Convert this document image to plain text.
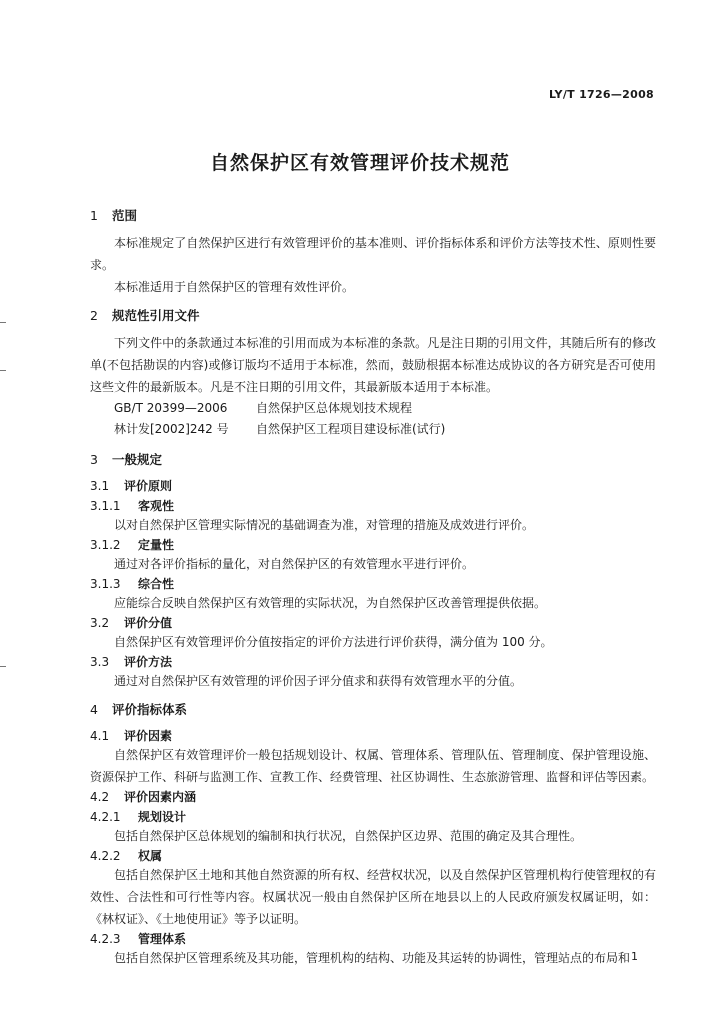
LY/T 1726—2008
自然保护区有效管理评价技术规范

1 范围

本标准规定了自然保护区进行有效管理评价的基本准则、评价指标体系和评价方法等技术性、原则性要求。

本标准适用于自然保护区的管理有效性评价。

2 规范性引用文件

下列文件中的条款通过本标准的引用而成为本标准的条款。凡是注日期的引用文件，其随后所有的修改单(不包括勘误的内容)或修订版均不适用于本标准，然而，鼓励根据本标准达成协议的各方研究是否可使用这些文件的最新版本。凡是不注日期的引用文件，其最新版本适用于本标准。

GB/T 20399—2006 自然保护区总体规划技术规程

林计发[2002]242 号 自然保护区工程项目建设标准(试行)

3 一般规定

3.1 评价原则

3.1.1 客观性

以对自然保护区管理实际情况的基础调查为准，对管理的措施及成效进行评价。

3.1.2 定量性

通过对各评价指标的量化，对自然保护区的有效管理水平进行评价。

3.1.3 综合性

应能综合反映自然保护区有效管理的实际状况，为自然保护区改善管理提供依据。

3.2 评价分值

自然保护区有效管理评价分值按指定的评价方法进行评价获得，满分值为 100 分。

3.3 评价方法

通过对自然保护区有效管理的评价因子评分值求和获得有效管理水平的分值。

4 评价指标体系

4.1 评价因素

自然保护区有效管理评价一般包括规划设计、权属、管理体系、管理队伍、管理制度、保护管理设施、资源保护工作、科研与监测工作、宣教工作、经费管理、社区协调性、生态旅游管理、监督和评估等因素。

4.2 评价因素内涵

4.2.1 规划设计

包括自然保护区总体规划的编制和执行状况，自然保护区边界、范围的确定及其合理性。

4.2.2 权属

包括自然保护区土地和其他自然资源的所有权、经营权状况，以及自然保护区管理机构行使管理权的有效性、合法性和可行性等内容。权属状况一般由自然保护区所在地县以上的人民政府颁发权属证明，如：《林权证》、《土地使用证》等予以证明。

4.2.3 管理体系

包括自然保护区管理系统及其功能，管理机构的结构、功能及其运转的协调性，管理站点的布局和 1
